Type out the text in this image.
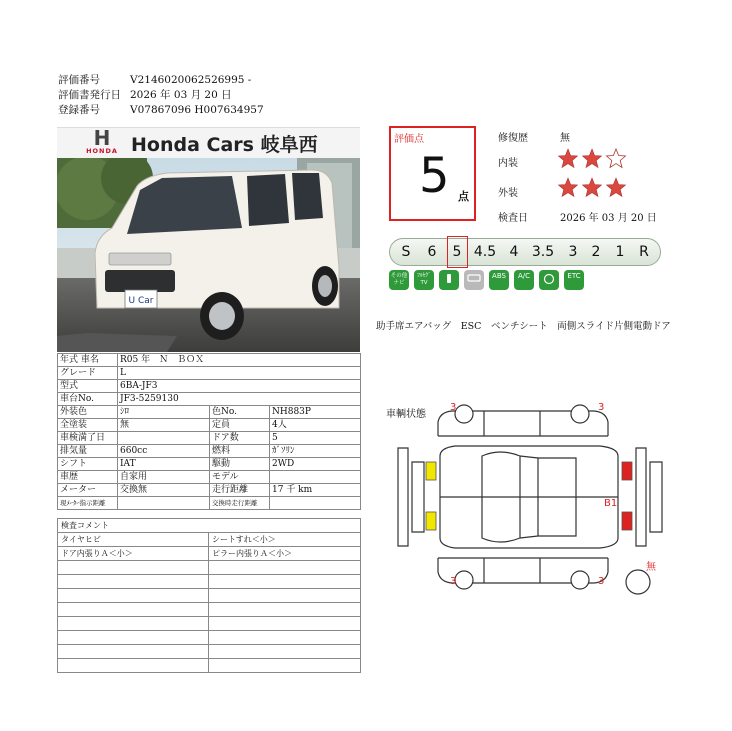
評価番号	V2146020062526995 -
評価書発行日 2026 年 03 月 20 日
登録番号	V07867096 H007634957
H
HONDA Honda Cars 岐阜西
U Car
年式 車名	R05 年　Ｎ　ＢＯＸ		
グレード	L		
型式	6BA-JF3		
車台No.	JF3-5259130		
外装色	ｼﾛ	色No.	NH883P
全塗装	無	定員	4人
車検満了日		ドア数	5
排気量	660cc	燃料	ｶﾞｿﾘﾝ
シフト	IAT	駆動	2WD
車歴	自家用	モデル	
メーター	交換無	走行距離	17 千 km
現ﾒｰﾀｰ指示距離		交換時走行距離	
検査コメント	
タイヤヒビ	シートすれ＜小＞
ドア内張りＡ＜小＞	ピラー内張りＡ＜小＞

評価点
5 点
修復歴	無
内装
外装
検査日	2026 年 03 月 20 日
S 6 5 4.5 4 3.5 3 2 1 R
その他 ナビ
ﾌﾙｾｸﾞ TV
ABS	A/C	ETC
助手席エアバッグ　ESC　ベンチシート　両側スライド片側電動ドア
車輌状態
3	3
3	3
B1
無
